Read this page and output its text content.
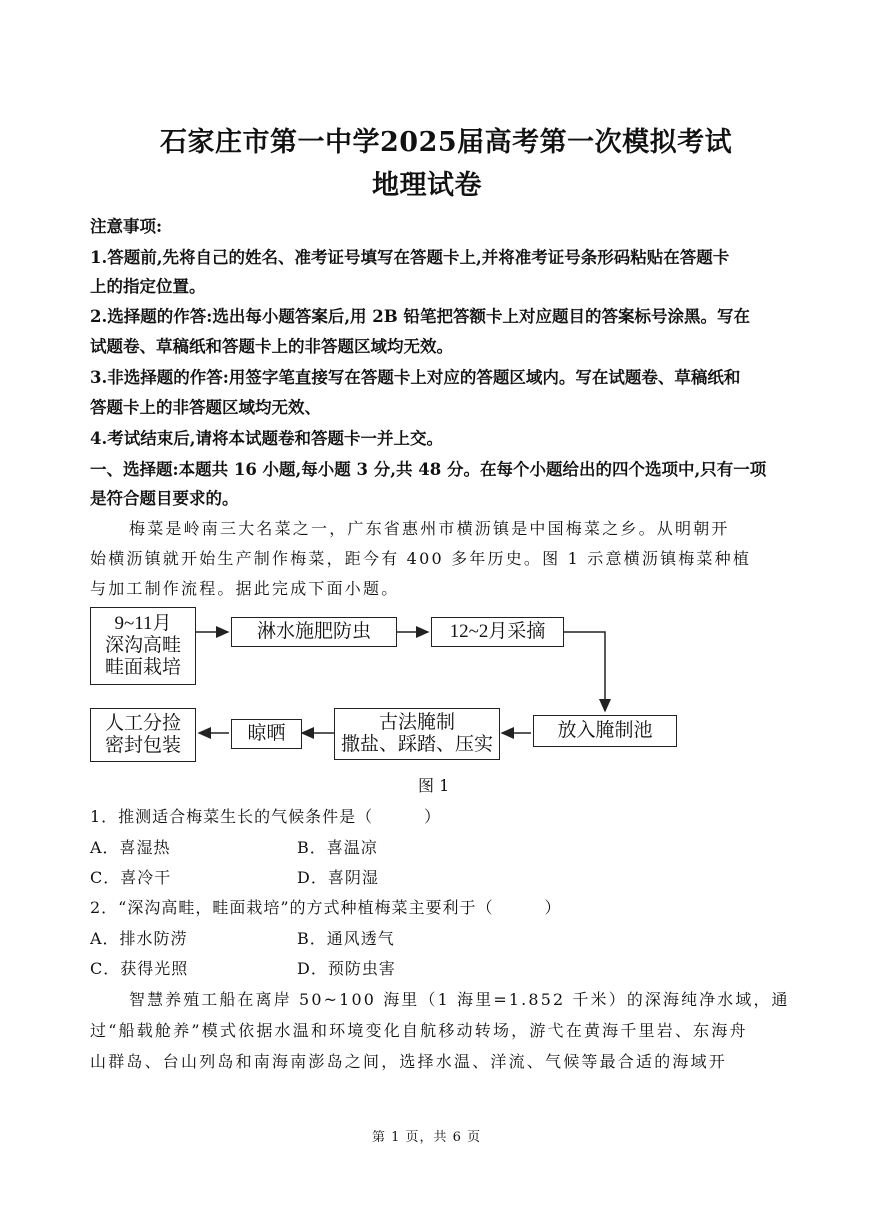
石家庄市第一中学2025届高考第一次模拟考试
地理试卷
注意事项:
1.答题前,先将自己的姓名、准考证号填写在答题卡上,并将准考证号条形码粘贴在答题卡
上的指定位置。
2.选择题的作答:选出每小题答案后,用 2B 铅笔把答额卡上对应题目的答案标号涂黑。写在
试题卷、草稿纸和答题卡上的非答题区域均无效。
3.非选择题的作答:用签字笔直接写在答题卡上对应的答题区域内。写在试题卷、草稿纸和
答题卡上的非答题区域均无效、
4.考试结束后,请将本试题卷和答题卡一并上交。
一、选择题:本题共 16 小题,每小题 3 分,共 48 分。在每个小题给出的四个选项中,只有一项
是符合题目要求的。
梅菜是岭南三大名菜之一，广东省惠州市横沥镇是中国梅菜之乡。从明朝开
始横沥镇就开始生产制作梅菜，距今有 400 多年历史。图 1 示意横沥镇梅菜种植
与加工制作流程。据此完成下面小题。
9~11月
深沟高畦
畦面栽培
淋水施肥防虫	12~2月采摘
放入腌制池
古法腌制
撒盐、踩踏、压实
晾晒
人工分捡
密封包装
图 1
1．推测适合梅菜生长的气候条件是（　　　）
A．喜湿热	B．喜温凉
C．喜冷干	D．喜阴湿
2．“深沟高畦，畦面栽培”的方式种植梅菜主要利于（　　　）
A．排水防涝	B．通风透气
C．获得光照	D．预防虫害
智慧养殖工船在离岸 50~100 海里（1 海里=1.852 千米）的深海纯净水域，通
过“船载舱养”模式依据水温和环境变化自航移动转场，游弋在黄海千里岩、东海舟
山群岛、台山列岛和南海南澎岛之间，选择水温、洋流、气候等最合适的海域开
第 1 页，共 6 页
